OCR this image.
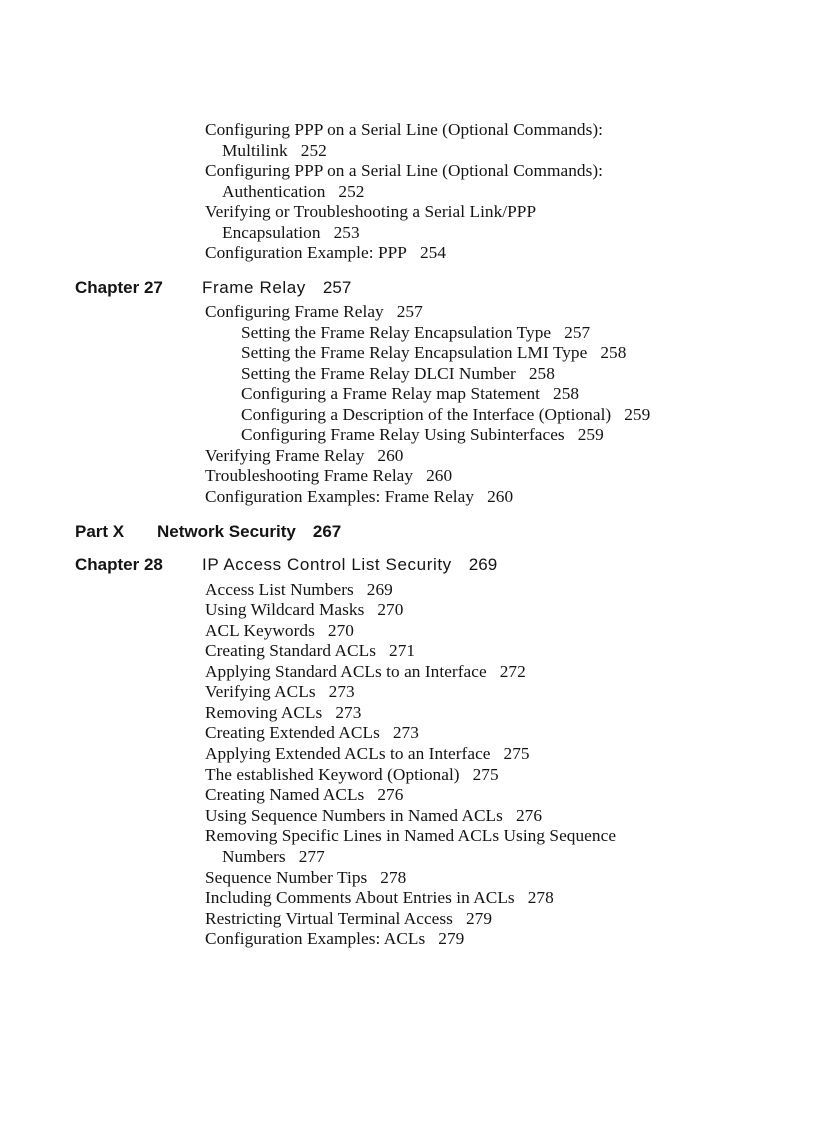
Configuring PPP on a Serial Line (Optional Commands):
Multilink 252
Configuring PPP on a Serial Line (Optional Commands):
Authentication 252
Verifying or Troubleshooting a Serial Link/PPP
Encapsulation 253
Configuration Example: PPP 254
Chapter 27 Frame Relay 257
Configuring Frame Relay 257
Setting the Frame Relay Encapsulation Type 257
Setting the Frame Relay Encapsulation LMI Type 258
Setting the Frame Relay DLCI Number 258
Configuring a Frame Relay map Statement 258
Configuring a Description of the Interface (Optional) 259
Configuring Frame Relay Using Subinterfaces 259
Verifying Frame Relay 260
Troubleshooting Frame Relay 260
Configuration Examples: Frame Relay 260
Part X Network Security 267
Chapter 28 IP Access Control List Security 269
Access List Numbers 269
Using Wildcard Masks 270
ACL Keywords 270
Creating Standard ACLs 271
Applying Standard ACLs to an Interface 272
Verifying ACLs 273
Removing ACLs 273
Creating Extended ACLs 273
Applying Extended ACLs to an Interface 275
The established Keyword (Optional) 275
Creating Named ACLs 276
Using Sequence Numbers in Named ACLs 276
Removing Specific Lines in Named ACLs Using Sequence
Numbers 277
Sequence Number Tips 278
Including Comments About Entries in ACLs 278
Restricting Virtual Terminal Access 279
Configuration Examples: ACLs 279
